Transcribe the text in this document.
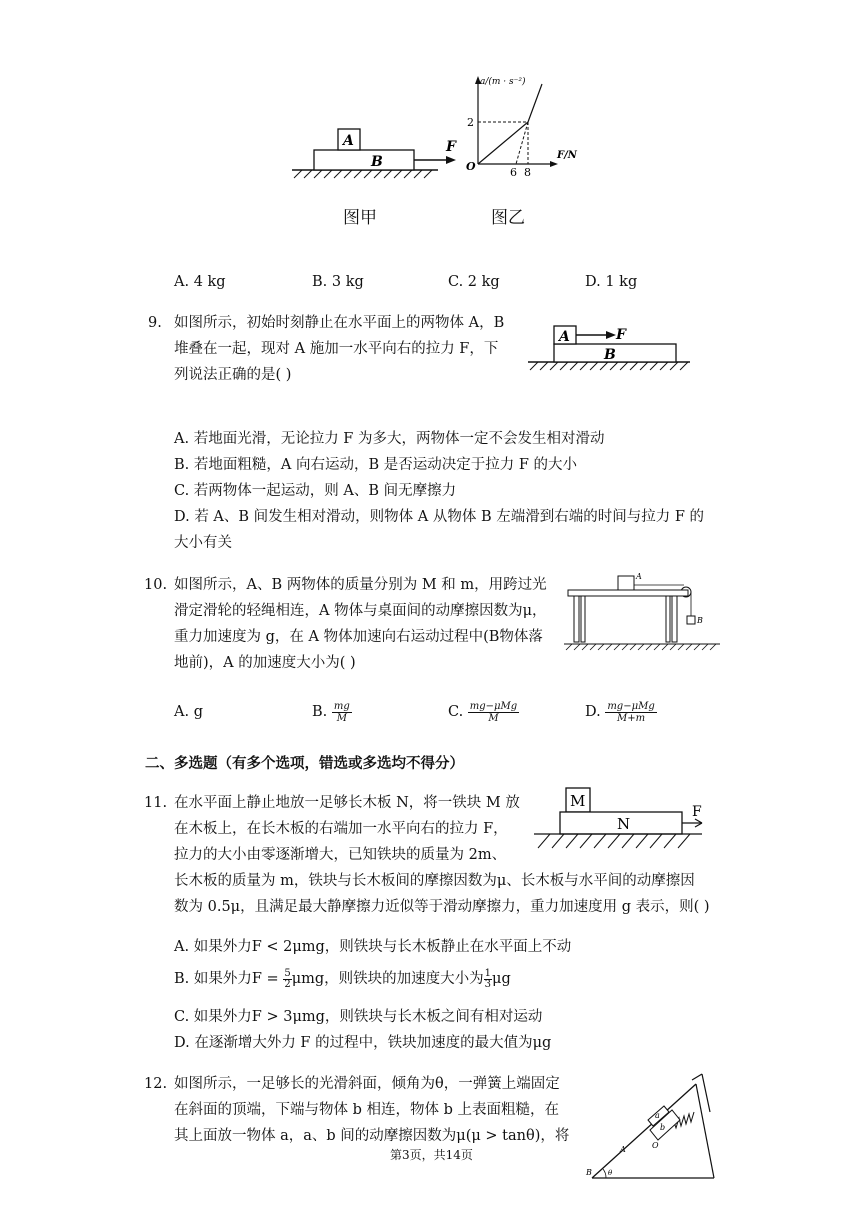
A
B
F
a/(m · s⁻²)
F/N
O
2
6 8
图甲	图乙
A. 4 kg	B. 3 kg	C. 2 kg	D. 1 kg
9. 如图所示，初始时刻静止在水平面上的两物体 A，B
堆叠在一起，现对 A 施加一水平向右的拉力 F，下
列说法正确的是( )
A
B
F
A. 若地面光滑，无论拉力 F 为多大，两物体一定不会发生相对滑动
B. 若地面粗糙，A 向右运动，B 是否运动决定于拉力 F 的大小
C. 若两物体一起运动，则 A、B 间无摩擦力
D. 若 A、B 间发生相对滑动，则物体 A 从物体 B 左端滑到右端的时间与拉力 F 的
大小有关
10. 如图所示，A、B 两物体的质量分别为 M 和 m，用跨过光
滑定滑轮的轻绳相连，A 物体与桌面间的动摩擦因数为μ，
重力加速度为 g，在 A 物体加速向右运动过程中(B物体落
地前)，A 的加速度大小为( )
A
B
A. g	B. $\frac{mg}{M}$	C. $\frac{\text{mg−μMg}}{M}$	D. $\frac{\text{mg−μMg}}{M+m}$
二、多选题（有多个选项，错选或多选均不得分）
11. 在水平面上静止地放一足够长木板 N，将一铁块 M 放
在木板上，在长木板的右端加一水平向右的拉力 F，
拉力的大小由零逐渐增大，已知铁块的质量为 2m、
长木板的质量为 m，铁块与长木板间的摩擦因数为μ、长木板与水平间的动摩擦因
数为 0.5μ，且满足最大静摩擦力近似等于滑动摩擦力，重力加速度用 g 表示，则( )
M
N
F
A. 如果外力F < 2μmg，则铁块与长木板静止在水平面上不动
B. 如果外力$F = \frac{5}{2}$ μmg，则铁块的加速度大小为 $\frac{1}{3}$ μg
C. 如果外力F > 3μmg，则铁块与长木板之间有相对运动
D. 在逐渐增大外力 F 的过程中，铁块加速度的最大值为μg
12. 如图所示，一足够长的光滑斜面，倾角为θ，一弹簧上端固定
在斜面的顶端，下端与物体 b 相连，物体 b 上表面粗糙，在
其上面放一物体 a，a、b 间的动摩擦因数为μ(μ > tanθ)，将
b
a
O
A
B θ
第3页，共14页
